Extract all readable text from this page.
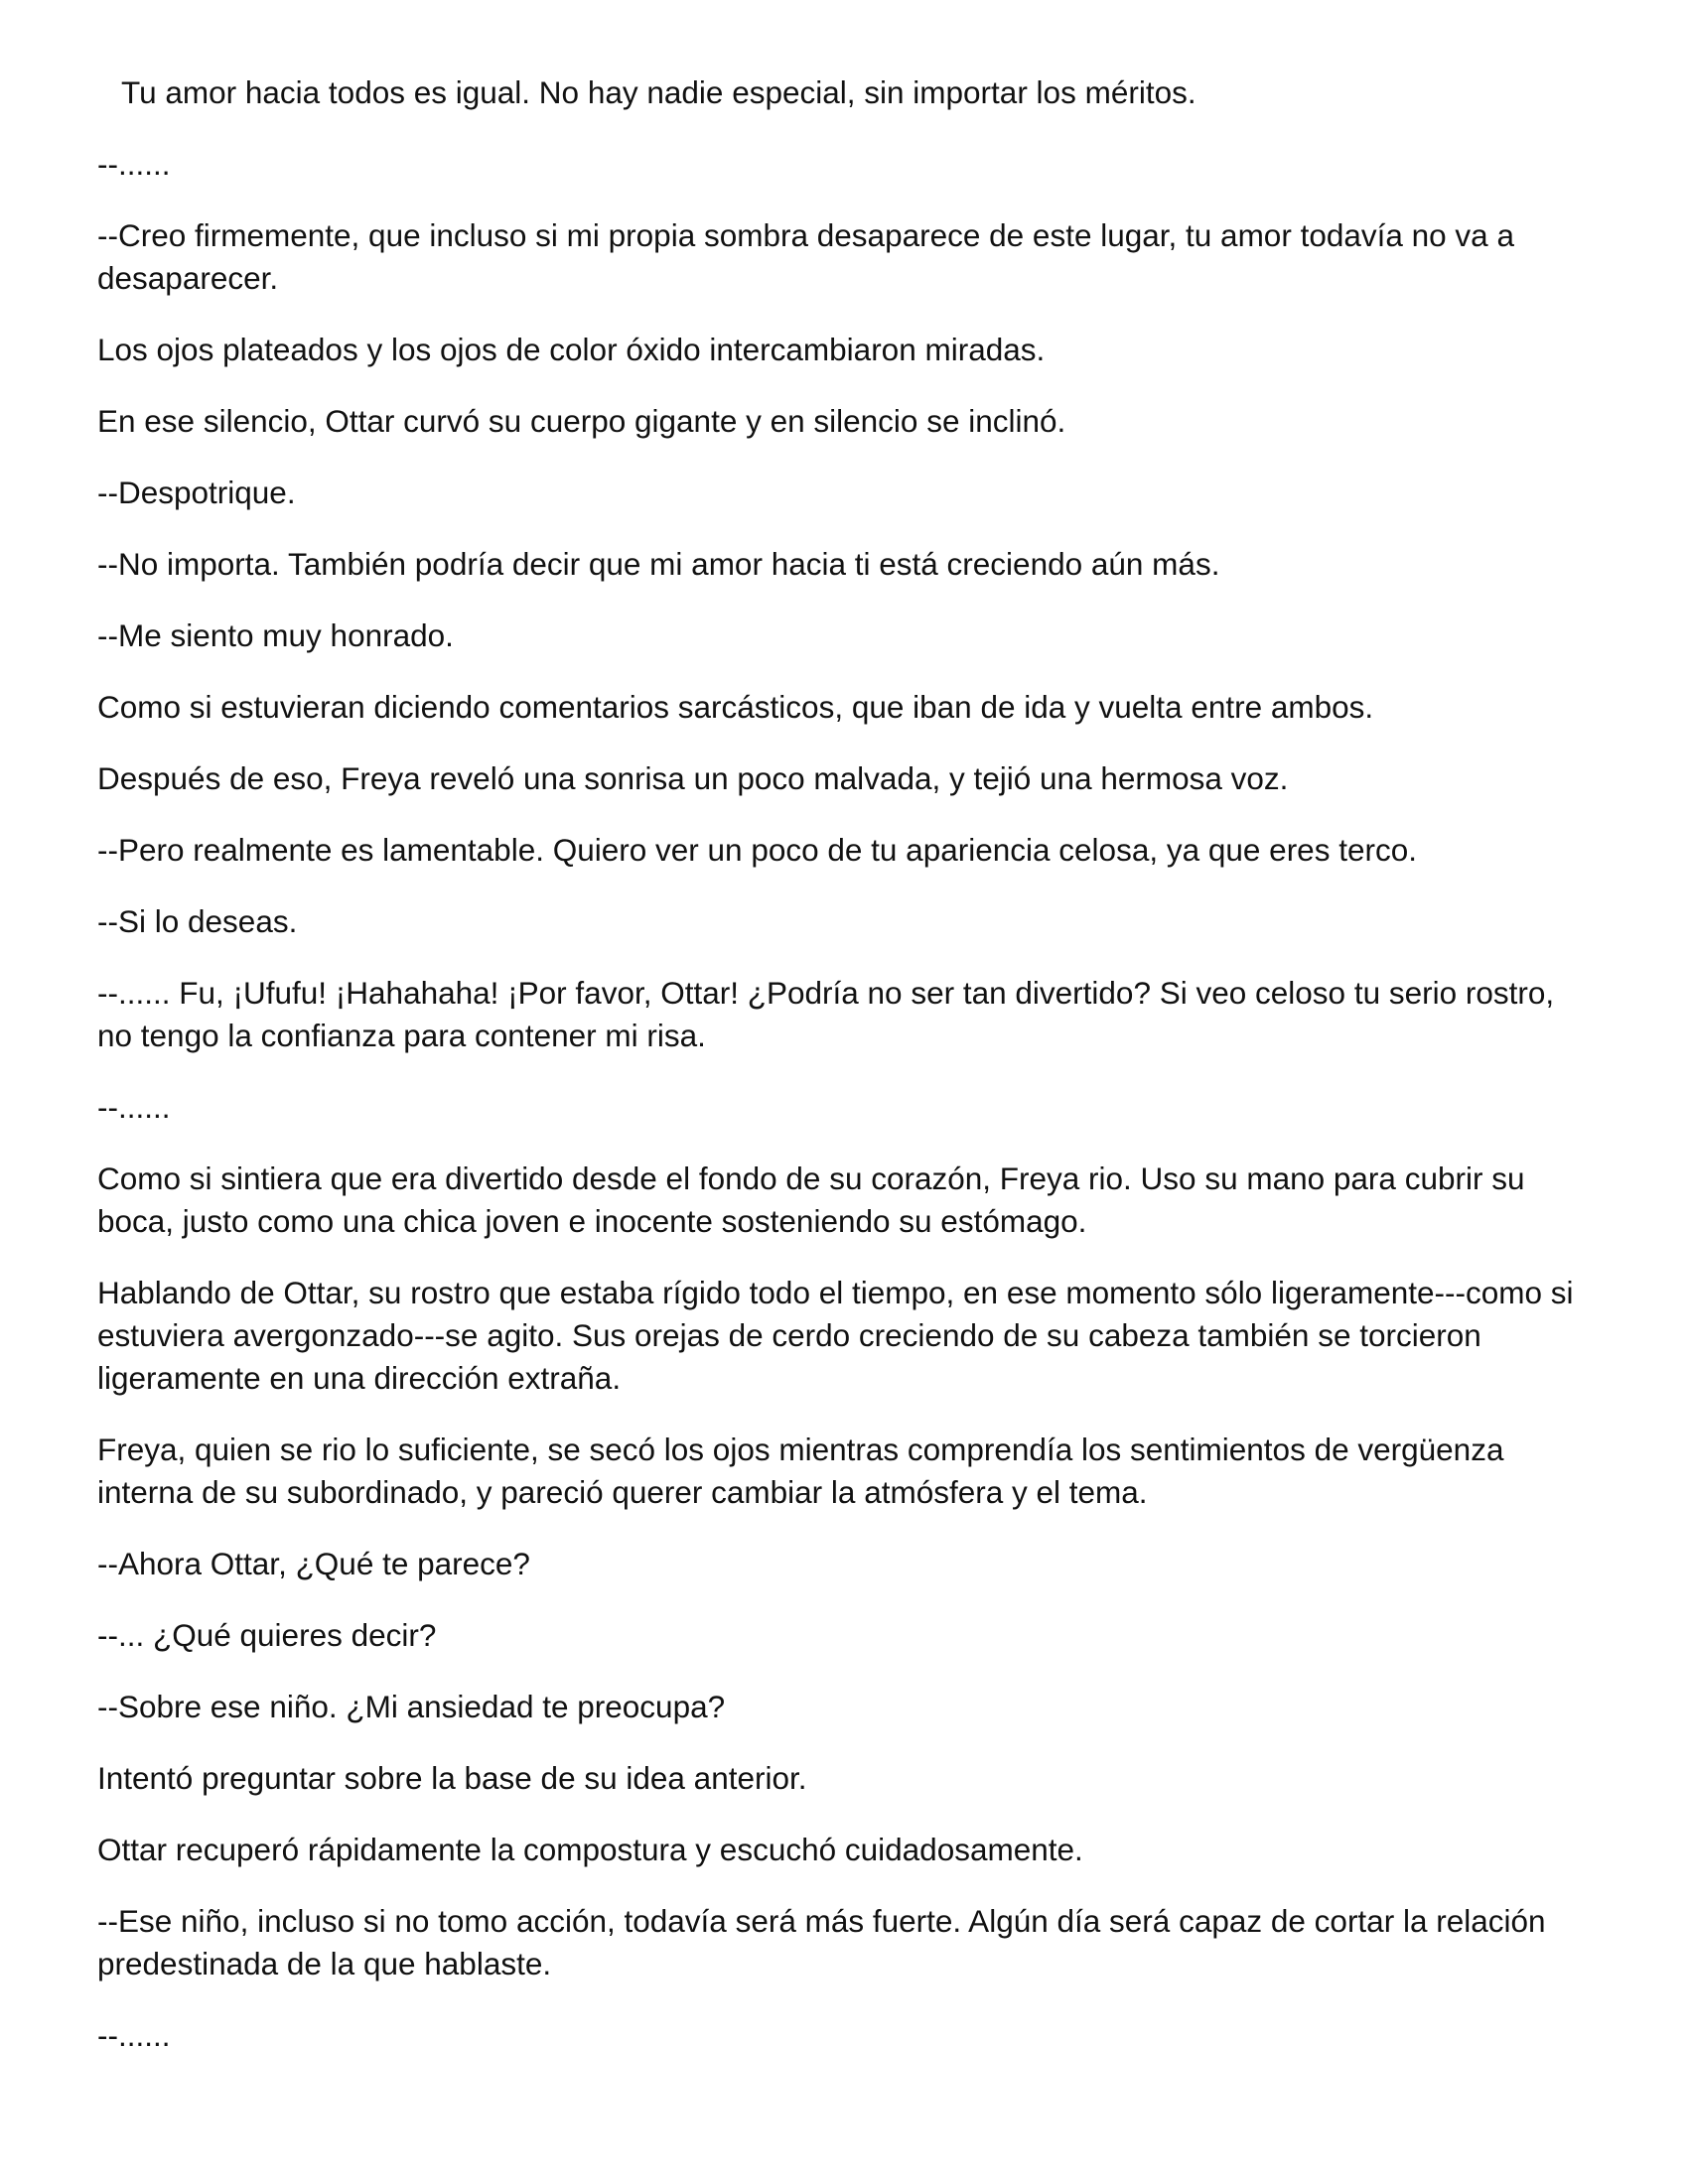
Tu amor hacia todos es igual. No hay nadie especial, sin importar los méritos.

--......

--Creo firmemente, que incluso si mi propia sombra desaparece de este lugar, tu amor todavía no va a desaparecer.

Los ojos plateados y los ojos de color óxido intercambiaron miradas.

En ese silencio, Ottar curvó su cuerpo gigante y en silencio se inclinó.

--Despotrique.

--No importa. También podría decir que mi amor hacia ti está creciendo aún más.

--Me siento muy honrado.

Como si estuvieran diciendo comentarios sarcásticos, que iban de ida y vuelta entre ambos.

Después de eso, Freya reveló una sonrisa un poco malvada, y tejió una hermosa voz.

--Pero realmente es lamentable. Quiero ver un poco de tu apariencia celosa, ya que eres terco.

--Si lo deseas.

--...... Fu, ¡Ufufu! ¡Hahahaha! ¡Por favor, Ottar! ¿Podría no ser tan divertido? Si veo celoso tu serio rostro, no tengo la confianza para contener mi risa.

--......

Como si sintiera que era divertido desde el fondo de su corazón, Freya rio. Uso su mano para cubrir su boca, justo como una chica joven e inocente sosteniendo su estómago.

Hablando de Ottar, su rostro que estaba rígido todo el tiempo, en ese momento sólo ligeramente---como si estuviera avergonzado---se agito. Sus orejas de cerdo creciendo de su cabeza también se torcieron ligeramente en una dirección extraña.

Freya, quien se rio lo suficiente, se secó los ojos mientras comprendía los sentimientos de vergüenza interna de su subordinado, y pareció querer cambiar la atmósfera y el tema.

--Ahora Ottar, ¿Qué te parece?

--... ¿Qué quieres decir?

--Sobre ese niño. ¿Mi ansiedad te preocupa?

Intentó preguntar sobre la base de su idea anterior.

Ottar recuperó rápidamente la compostura y escuchó cuidadosamente.

--Ese niño, incluso si no tomo acción, todavía será más fuerte. Algún día será capaz de cortar la relación predestinada de la que hablaste.

--......
